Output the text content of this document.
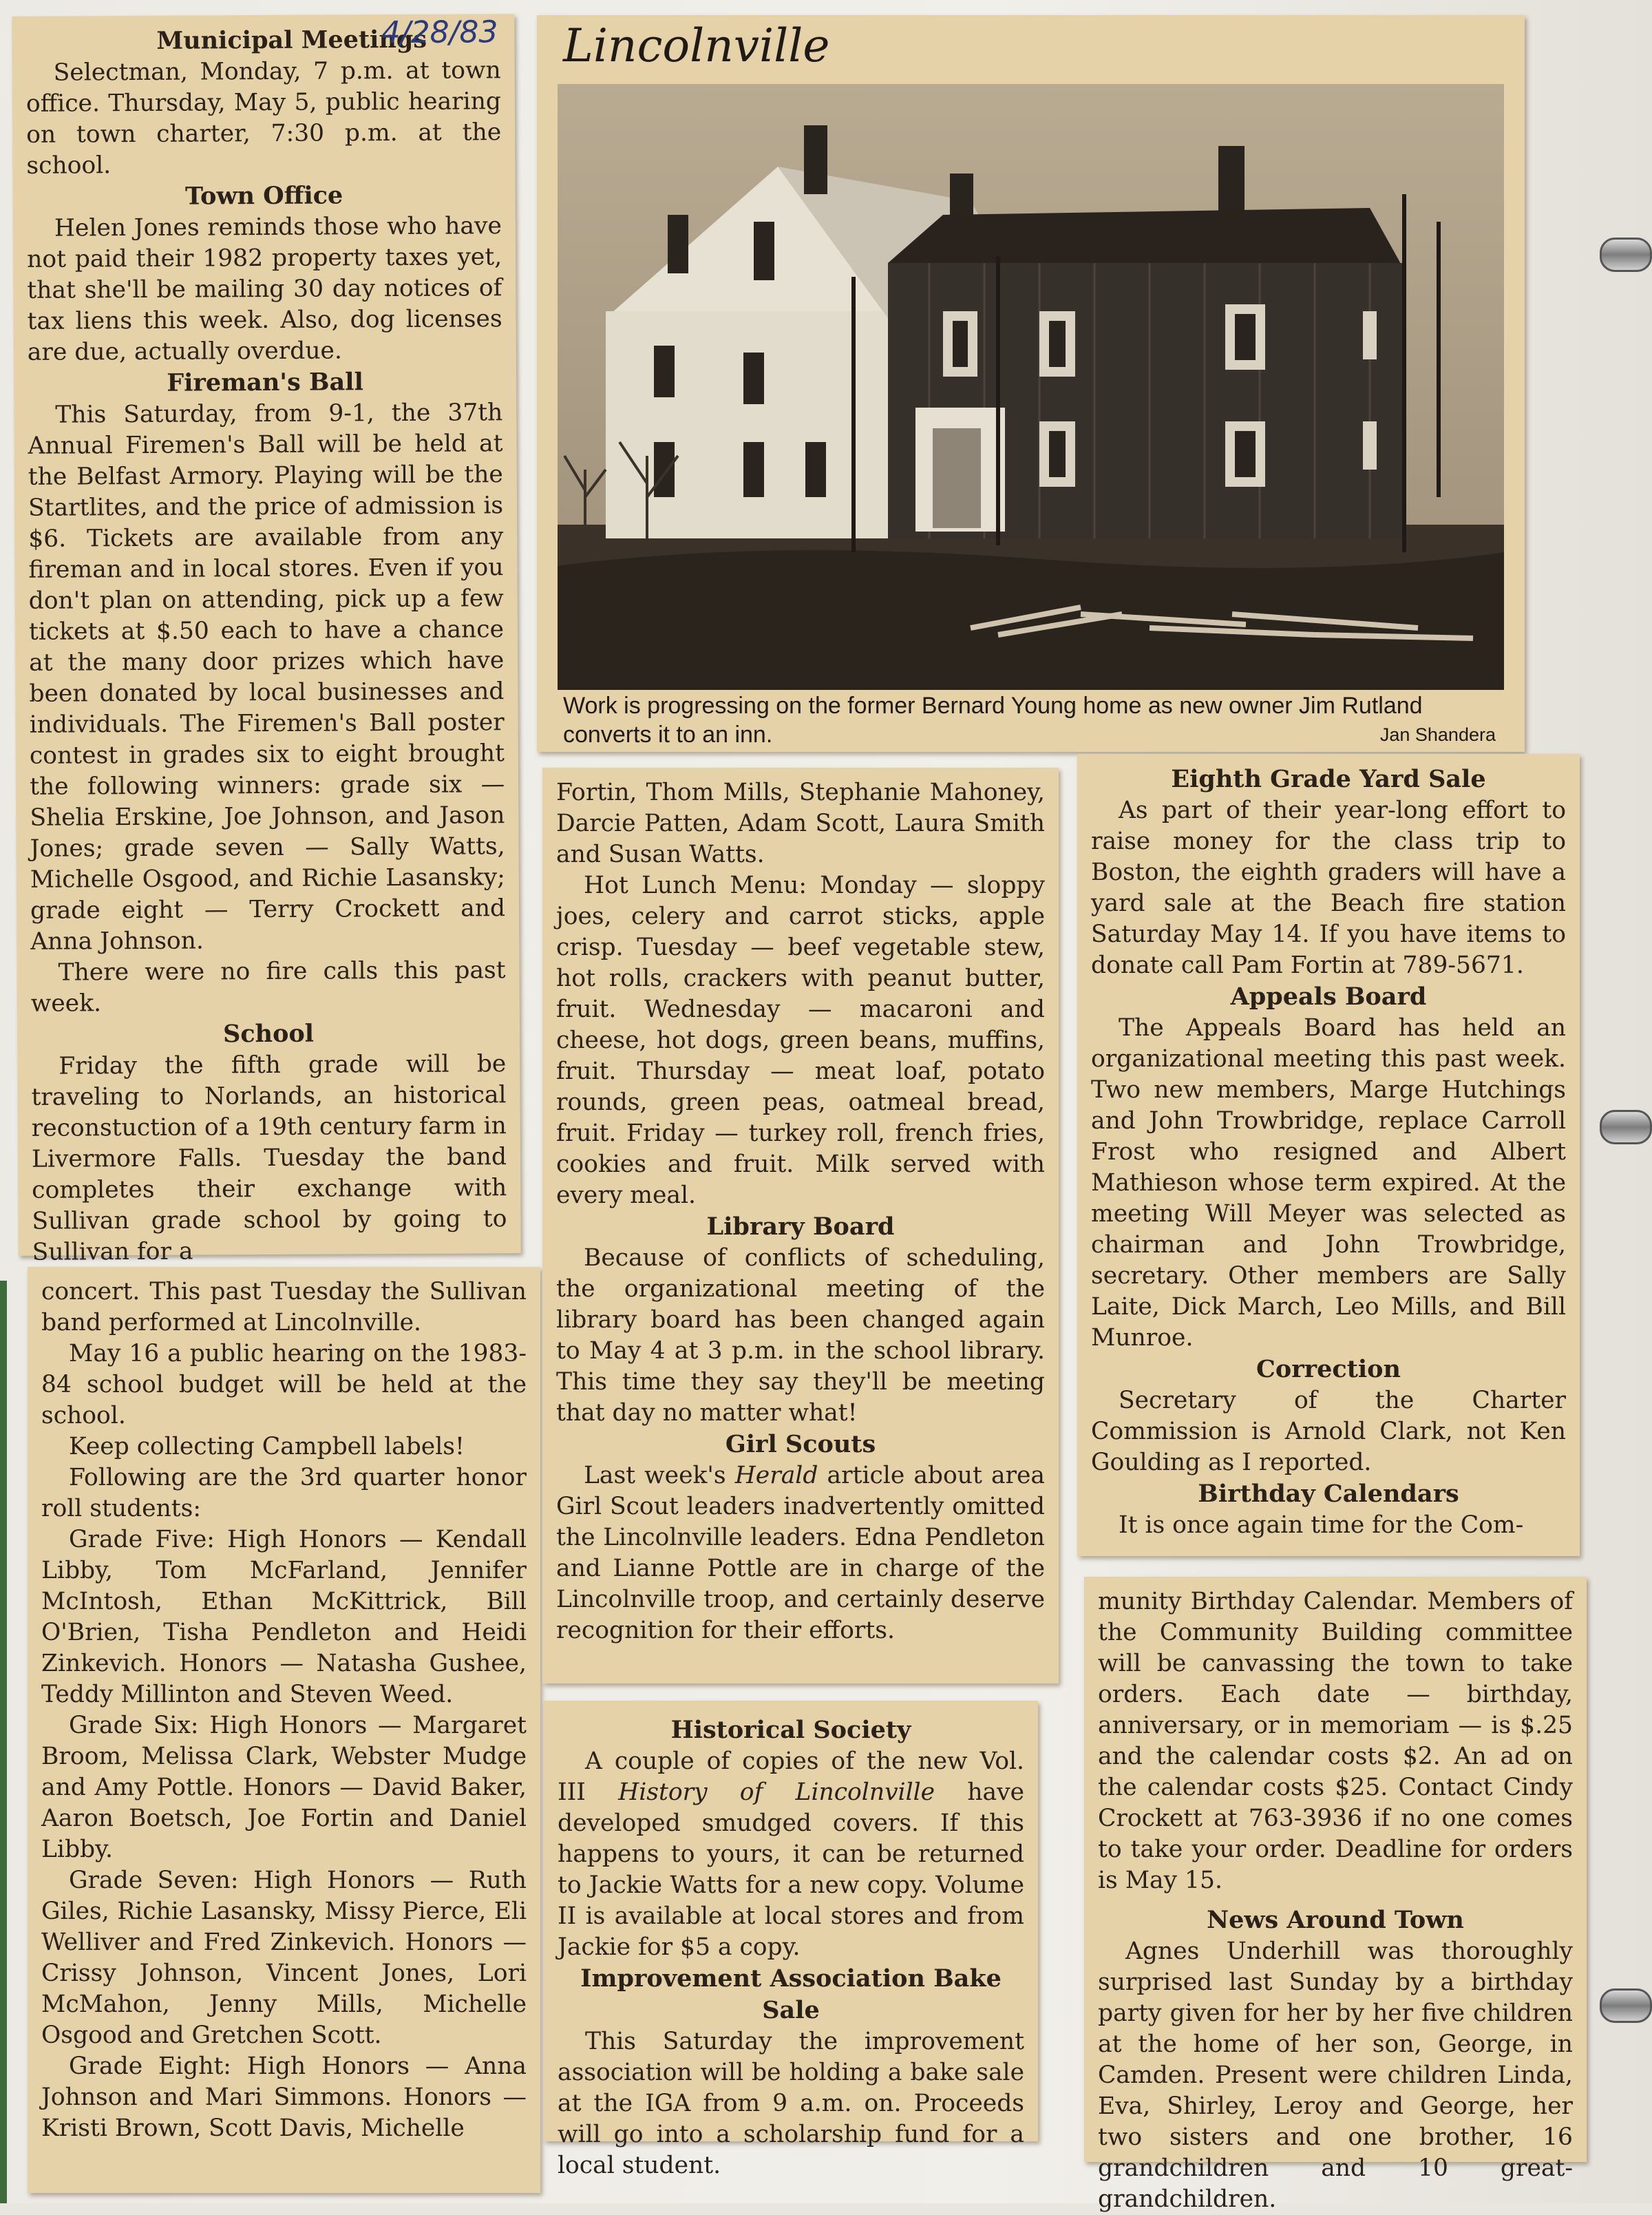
4/28/83
Municipal Meetings

Selectman, Monday, 7 p.m. at town office. Thursday, May 5, public hearing on town charter, 7:30 p.m. at the school.

Town Office

Helen Jones reminds those who have not paid their 1982 property taxes yet, that she'll be mailing 30 day notices of tax liens this week. Also, dog licenses are due, actually overdue.

Fireman's Ball

This Saturday, from 9-1, the 37th Annual Firemen's Ball will be held at the Belfast Armory. Playing will be the Startlites, and the price of admission is $6. Tickets are available from any fireman and in local stores. Even if you don't plan on attending, pick up a few tickets at $.50 each to have a chance at the many door prizes which have been donated by local businesses and individuals. The Firemen's Ball poster contest in grades six to eight brought the following winners: grade six — Shelia Erskine, Joe Johnson, and Jason Jones; grade seven — Sally Watts, Michelle Osgood, and Richie Lasansky; grade eight — Terry Crockett and Anna Johnson.

There were no fire calls this past week.

School

Friday the fifth grade will be traveling to Norlands, an historical reconstuction of a 19th century farm in Livermore Falls. Tuesday the band completes their exchange with Sullivan grade school by going to Sullivan for a

concert. This past Tuesday the Sullivan band performed at Lincolnville.

May 16 a public hearing on the 1983-84 school budget will be held at the school.

Keep collecting Campbell labels!

Following are the 3rd quarter honor roll students:

Grade Five: High Honors — Kendall Libby, Tom McFarland, Jennifer McIntosh, Ethan McKittrick, Bill O'Brien, Tisha Pendleton and Heidi Zinkevich. Honors — Natasha Gushee, Teddy Millinton and Steven Weed.

Grade Six: High Honors — Margaret Broom, Melissa Clark, Webster Mudge and Amy Pottle. Honors — David Baker, Aaron Boetsch, Joe Fortin and Daniel Libby.

Grade Seven: High Honors — Ruth Giles, Richie Lasansky, Missy Pierce, Eli Welliver and Fred Zinkevich. Honors — Crissy Johnson, Vincent Jones, Lori McMahon, Jenny Mills, Michelle Osgood and Gretchen Scott.

Grade Eight: High Honors — Anna Johnson and Mari Simmons. Honors — Kristi Brown, Scott Davis, Michelle

Lincolnville
Work is progressing on the former Bernard Young home as new owner Jim Rutland converts it to an inn.	Jan Shandera

Fortin, Thom Mills, Stephanie Mahoney, Darcie Patten, Adam Scott, Laura Smith and Susan Watts.

Hot Lunch Menu: Monday — sloppy joes, celery and carrot sticks, apple crisp. Tuesday — beef vegetable stew, hot rolls, crackers with peanut butter, fruit. Wednesday — macaroni and cheese, hot dogs, green beans, muffins, fruit. Thursday — meat loaf, potato rounds, green peas, oatmeal bread, fruit. Friday — turkey roll, french fries, cookies and fruit. Milk served with every meal.

Library Board

Because of conflicts of scheduling, the organizational meeting of the library board has been changed again to May 4 at 3 p.m. in the school library. This time they say they'll be meeting that day no matter what!

Girl Scouts

Last week's Herald article about area Girl Scout leaders inadvertently omitted the Lincolnville leaders. Edna Pendleton and Lianne Pottle are in charge of the Lincolnville troop, and certainly deserve recognition for their efforts.

Historical Society

A couple of copies of the new Vol. III History of Lincolnville have developed smudged covers. If this happens to yours, it can be returned to Jackie Watts for a new copy. Volume II is available at local stores and from Jackie for $5 a copy.

Improvement Association Bake Sale

This Saturday the improvement association will be holding a bake sale at the IGA from 9 a.m. on. Proceeds will go into a scholarship fund for a local student.

Eighth Grade Yard Sale

As part of their year-long effort to raise money for the class trip to Boston, the eighth graders will have a yard sale at the Beach fire station Saturday May 14. If you have items to donate call Pam Fortin at 789-5671.

Appeals Board

The Appeals Board has held an organizational meeting this past week. Two new members, Marge Hutchings and John Trowbridge, replace Carroll Frost who resigned and Albert Mathieson whose term expired. At the meeting Will Meyer was selected as chairman and John Trowbridge, secretary. Other members are Sally Laite, Dick March, Leo Mills, and Bill Munroe.

Correction

Secretary of the Charter Commission is Arnold Clark, not Ken Goulding as I reported.

Birthday Calendars

It is once again time for the Com-

munity Birthday Calendar. Members of the Community Building committee will be canvassing the town to take orders. Each date — birthday, anniversary, or in memoriam — is $.25 and the calendar costs $2. An ad on the calendar costs $25. Contact Cindy Crockett at 763-3936 if no one comes to take your order. Deadline for orders is May 15.

News Around Town

Agnes Underhill was thoroughly surprised last Sunday by a birthday party given for her by her five children at the home of her son, George, in Camden. Present were children Linda, Eva, Shirley, Leroy and George, her two sisters and one brother, 16 grandchildren and 10 great-grandchildren.
